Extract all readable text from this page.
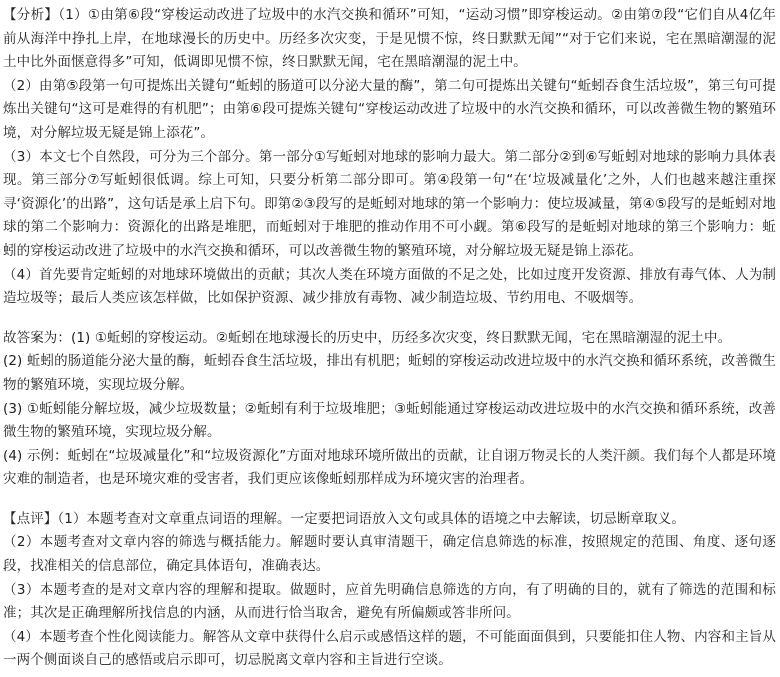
【分析】（1）①由第⑥段“穿梭运动改进了垃圾中的水汽交换和循环”可知，“运动习惯”即穿梭运动。②由第⑦段“它们自从4亿年前从海洋中挣扎上岸，在地球漫长的历史中。历经多次灾变，于是见惯不惊，终日默默无闻”“对于它们来说，宅在黑暗潮湿的泥土中比外面惬意得多”可知，低调即见惯不惊，终日默默无闻，宅在黑暗潮湿的泥土中。

（2）由第⑤段第一句可提炼出关键句“蚯蚓的肠道可以分泌大量的酶”，第二句可提炼出关键句“蚯蚓吞食生活垃圾”，第三句可提炼出关键句“这可是难得的有机肥”；由第⑥段可提炼关键句“穿梭运动改进了垃圾中的水汽交换和循环，可以改善微生物的繁殖环境，对分解垃圾无疑是锦上添花”。

（3）本文七个自然段，可分为三个部分。第一部分①写蚯蚓对地球的影响力最大。第二部分②到⑥写蚯蚓对地球的影响力具体表现。第三部分⑦写蚯蚓很低调。综上可知，只要分析第二部分即可。第④段第一句“在‘垃圾减量化’之外，人们也越来越注重探寻‘资源化’的出路”，这句话是承上启下句。即第②③段写的是蚯蚓对地球的第一个影响力：使垃圾减量，第④⑤段写的是蚯蚓对地球的第二个影响力：资源化的出路是堆肥，而蚯蚓对于堆肥的推动作用不可小觑。第⑥段写的是蚯蚓对地球的第三个影响力：蚯蚓的穿梭运动改进了垃圾中的水汽交换和循环，可以改善微生物的繁殖环境，对分解垃圾无疑是锦上添花。

（4）首先要肯定蚯蚓的对地球环境做出的贡献；其次人类在环境方面做的不足之处，比如过度开发资源、排放有毒气体、人为制造垃圾等；最后人类应该怎样做，比如保护资源、减少排放有毒物、减少制造垃圾、节约用电、不吸烟等。

故答案为：(1) ①蚯蚓的穿梭运动。②蚯蚓在地球漫长的历史中，历经多次灾变，终日默默无闻，宅在黑暗潮湿的泥土中。

(2) 蚯蚓的肠道能分泌大量的酶，蚯蚓吞食生活垃圾，排出有机肥；蚯蚓的穿梭运动改进垃圾中的水汽交换和循环系统，改善微生物的繁殖环境，实现垃圾分解。

(3) ①蚯蚓能分解垃圾，减少垃圾数量；②蚯蚓有利于垃圾堆肥；③蚯蚓能通过穿梭运动改进垃圾中的水汽交换和循环系统，改善微生物的繁殖环境，实现垃圾分解。

(4) 示例：蚯蚓在“垃圾减量化”和“垃圾资源化”方面对地球环境所做出的贡献，让自诩万物灵长的人类汗颜。我们每个人都是环境灾难的制造者，也是环境灾难的受害者，我们更应该像蚯蚓那样成为环境灾害的治理者。

【点评】（1）本题考查对文章重点词语的理解。一定要把词语放入文句或具体的语境之中去解读，切忌断章取义。

（2）本题考查对文章内容的筛选与概括能力。解题时要认真审清题干，确定信息筛选的标准，按照规定的范围、角度、逐句逐段，找准相关的信息部位，确定具体语句，准确表达。

（3）本题考查的是对文章内容的理解和提取。做题时，应首先明确信息筛选的方向，有了明确的目的，就有了筛选的范围和标准；其次是正确理解所找信息的内涵，从而进行恰当取舍，避免有所偏颇或答非所问。

（4）本题考查个性化阅读能力。解答从文章中获得什么启示或感悟这样的题，不可能面面俱到，只要能扣住人物、内容和主旨从一两个侧面谈自己的感悟或启示即可，切忌脱离文章内容和主旨进行空谈。
